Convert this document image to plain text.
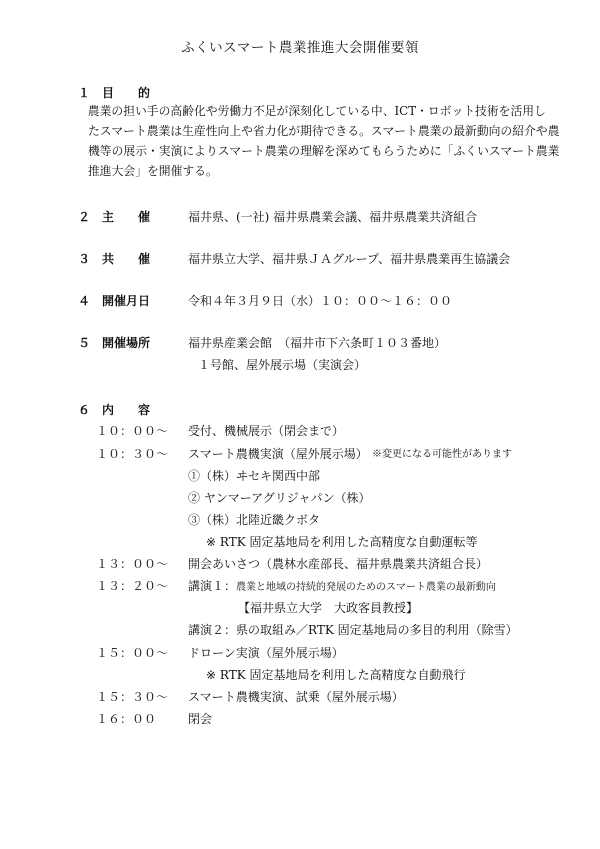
ふくいスマート農業推進大会開催要領
１ 目　　的
　農業の担い手の高齢化や労働力不足が深刻化している中、ICT・ロボット技術を活用し
たスマート農業は生産性向上や省力化が期待できる。スマート農業の最新動向の紹介や農
機等の展示・実演によりスマート農業の理解を深めてもらうために「ふくいスマート農業
推進大会」を開催する。
２ 主　　催	福井県、(一社) 福井県農業会議、福井県農業共済組合
３ 共　　催	福井県立大学、福井県ＪＡグループ、福井県農業再生協議会
４ 開催月日	令和４年３月９日（水）１０：００～１６：００
５ 開催場所	福井県産業会館　（福井市下六条町１０３番地）
１号館、屋外展示場（実演会）
６ 内　　容
１０：００～ 受付、機械展示（閉会まで）
１０：３０～ スマート農機実演（屋外展示場） ※変更になる可能性があります
①（株）ヰセキ関西中部
② ヤンマーアグリジャパン（株）
③（株）北陸近畿クボタ
※ RTK 固定基地局を利用した高精度な自動運転等
１３：００～ 開会あいさつ（農林水産部長、福井県農業共済組合長）
１３：２０～ 講演１：農業と地域の持続的発展のためのスマート農業の最新動向
【福井県立大学　大政客員教授】
講演２：県の取組み／RTK 固定基地局の多目的利用（除雪）
１５：００～ ドローン実演（屋外展示場）
※ RTK 固定基地局を利用した高精度な自動飛行
１５：３０～ スマート農機実演、試乗（屋外展示場）
１６：００	閉会
